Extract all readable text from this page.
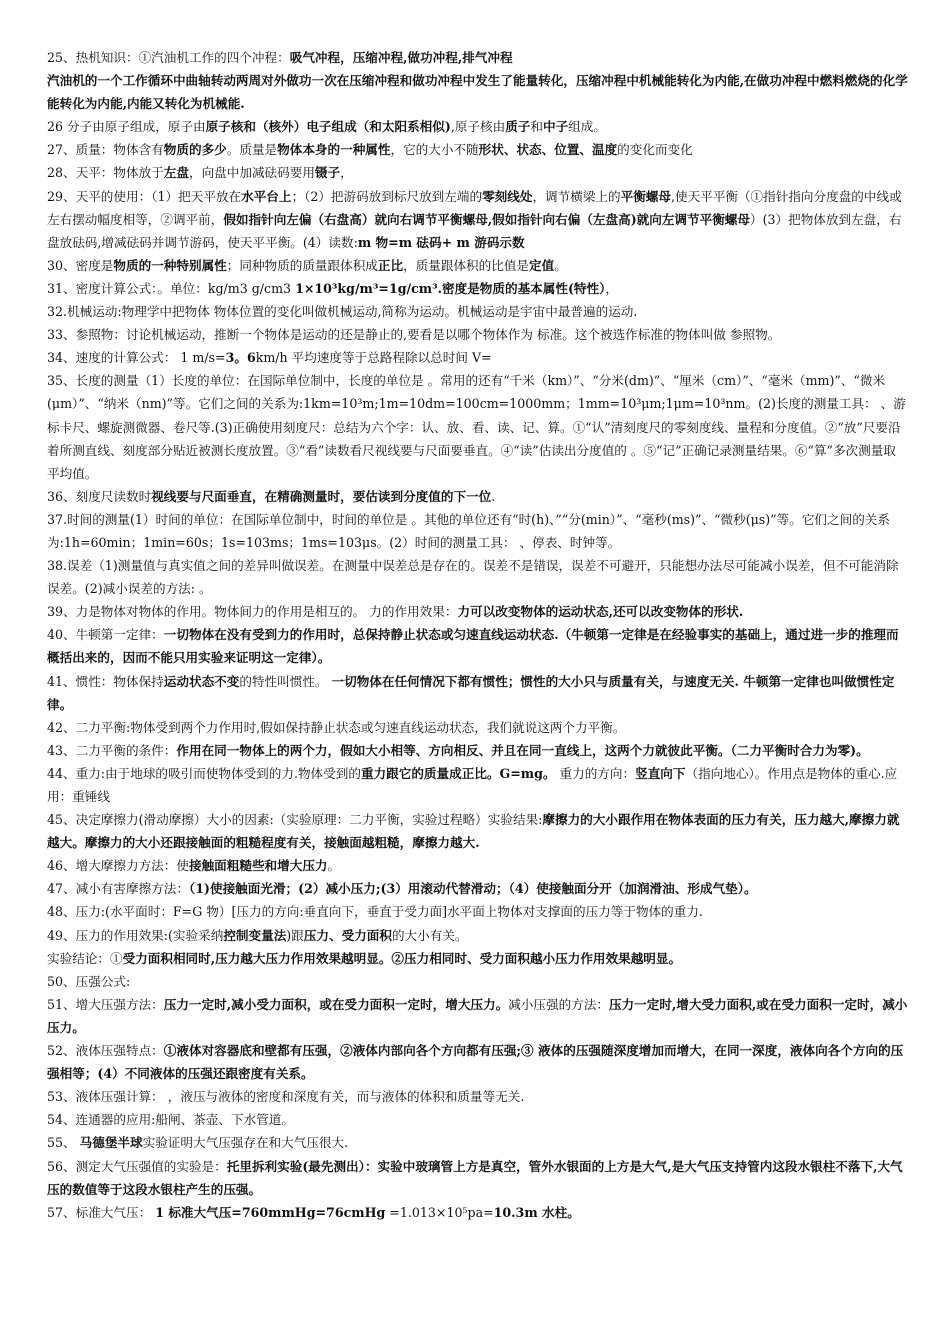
25、热机知识：①汽油机工作的四个冲程：吸气冲程，压缩冲程,做功冲程,排气冲程

汽油机的一个工作循环中曲轴转动两周对外做功一次在压缩冲程和做功冲程中发生了能量转化，压缩冲程中机械能转化为内能,在做功冲程中燃料燃烧的化学能转化为内能,内能又转化为机械能.

26 分子由原子组成，原子由原子核和（核外）电子组成（和太阳系相似),原子核由质子和中子组成。

27、质量：物体含有物质的多少。质量是物体本身的一种属性，它的大小不随形状、状态、位置、温度的变化而变化

28、天平：物体放于左盘，向盘中加减砝码要用镊子，

29、天平的使用：（1）把天平放在水平台上；（2）把游码放到标尺放到左端的零刻线处，调节横梁上的平衡螺母,使天平平衡（①指针指向分度盘的中线或左右摆动幅度相等，②调平前，假如指针向左偏（右盘高）就向右调节平衡螺母,假如指针向右偏（左盘高)就向左调节平衡螺母）(3）把物体放到左盘，右盘放砝码,增减砝码并调节游码，使天平平衡。(4）读数:m 物=m 砝码+ m 游码示数

30、密度是物质的一种特别属性；同种物质的质量跟体积成正比，质量跟体积的比值是定值。

31、密度计算公式：。单位：kg/m3 g/cm3 1×10³kg/m³=1g/cm³.密度是物质的基本属性(特性），

32.机械运动:物理学中把物体 物体位置的变化叫做机械运动,简称为运动。机械运动是宇宙中最普遍的运动.

33、参照物：讨论机械运动，推断一个物体是运动的还是静止的,要看是以哪个物体作为 标准。这个被选作标准的物体叫做 参照物。

34、速度的计算公式： 1 m/s=3。6km/h 平均速度等于总路程除以总时间 V=

35、长度的测量（1）长度的单位：在国际单位制中，长度的单位是 。常用的还有“千米（km）”、“分米(dm)”、“厘米（cm）”、“毫米（mm)”、“微米(μm）”、“纳米（nm)”等。它们之间的关系为:1km=10³m;1m=10dm=100cm=1000mm；1mm=10³μm;1μm=10³nm。(2)长度的测量工具： 、游标卡尺、螺旋测微器、卷尺等.(3)正确使用刻度尺：总结为六个字：认、放、看、读、记、算。①“认”清刻度尺的零刻度线、量程和分度值。②“放”尺要沿着所测直线、刻度部分贴近被测长度放置。③“看”读数看尺视线要与尺面要垂直。④“读”估读出分度值的 。⑤“记”正确记录测量结果。⑥“算”多次测量取平均值。

36、刻度尺读数时视线要与尺面垂直，在精确测量时，要估读到分度值的下一位.

37.时间的测量(1）时间的单位：在国际单位制中，时间的单位是 。其他的单位还有“时(h)、”“分(min）”、“毫秒(ms)”、“微秒(μs)”等。它们之间的关系为:1h=60min；1min=60s；1s=103ms；1ms=103μs。(2）时间的测量工具： 、停表、时钟等。

38.误差（1)测量值与真实值之间的差异叫做误差。在测量中误差总是存在的。误差不是错误，误差不可避开，只能想办法尽可能减小误差，但不可能消除误差。(2)减小误差的方法: 。

39、力是物体对物体的作用。物体间力的作用是相互的。 力的作用效果：力可以改变物体的运动状态,还可以改变物体的形状.

40、牛顿第一定律：一切物体在没有受到力的作用时，总保持静止状态或匀速直线运动状态.（牛顿第一定律是在经验事实的基础上，通过进一步的推理而概括出来的，因而不能只用实验来证明这一定律）。

41、惯性：物体保持运动状态不变的特性叫惯性。 一切物体在任何情况下都有惯性；惯性的大小只与质量有关，与速度无关. 牛顿第一定律也叫做惯性定律。

42、二力平衡:物体受到两个力作用时,假如保持静止状态或匀速直线运动状态，我们就说这两个力平衡。

43、二力平衡的条件：作用在同一物体上的两个力，假如大小相等、方向相反、并且在同一直线上，这两个力就彼此平衡。（二力平衡时合力为零)。

44、重力:由于地球的吸引而使物体受到的力.物体受到的重力跟它的质量成正比。G=mg。 重力的方向：竖直向下（指向地心）。作用点是物体的重心.应用：重锤线

45、决定摩擦力(滑动摩擦）大小的因素:（实验原理：二力平衡，实验过程略）实验结果:摩擦力的大小跟作用在物体表面的压力有关，压力越大,摩擦力就越大。摩擦力的大小还跟接触面的粗糙程度有关，接触面越粗糙，摩擦力越大.

46、增大摩擦力方法：使接触面粗糙些和增大压力。

47、减小有害摩擦方法：（1)使接触面光滑；(2）减小压力;(3）用滚动代替滑动；（4）使接触面分开（加润滑油、形成气垫）。

48、压力:(水平面时：F=G 物）[压力的方向:垂直向下，垂直于受力面]水平面上物体对支撑面的压力等于物体的重力.

49、压力的作用效果:(实验采纳控制变量法)跟压力、受力面积的大小有关。

实验结论：①受力面积相同时,压力越大压力作用效果越明显。②压力相同时、受力面积越小压力作用效果越明显。

50、压强公式:

51、增大压强方法：压力一定时,减小受力面积，或在受力面积一定时，增大压力。减小压强的方法：压力一定时,增大受力面积,或在受力面积一定时，减小压力。

52、液体压强特点：①液体对容器底和壁都有压强，②液体内部向各个方向都有压强;③ 液体的压强随深度增加而增大，在同一深度，液体向各个方向的压强相等；(4）不同液体的压强还跟密度有关系。

53、液体压强计算： ，液压与液体的密度和深度有关，而与液体的体积和质量等无关.

54、连通器的应用:船闸、茶壶、下水管道。

55、 马德堡半球实验证明大气压强存在和大气压很大.

56、测定大气压强值的实验是：托里拆利实验(最先测出）：实验中玻璃管上方是真空，管外水银面的上方是大气,是大气压支持管内这段水银柱不落下,大气压的数值等于这段水银柱产生的压强。

57、标准大气压： 1 标准大气压=760mmHg=76cmHg =1.013×10⁵pa=10.3m 水柱。
